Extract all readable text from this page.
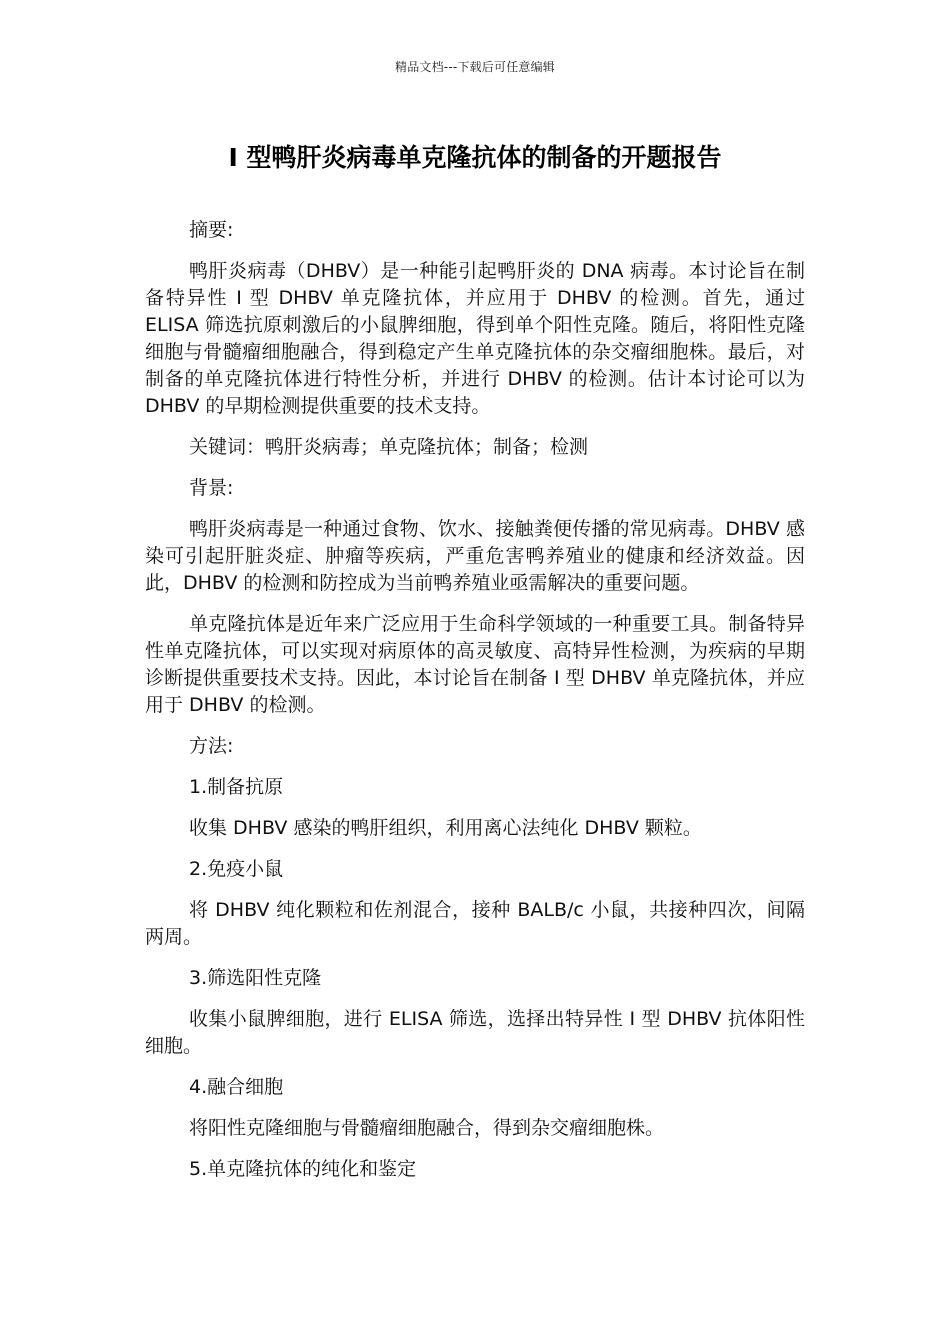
精品文档---下载后可任意编辑
I 型鸭肝炎病毒单克隆抗体的制备的开题报告

摘要:

鸭肝炎病毒（DHBV）是一种能引起鸭肝炎的 DNA 病毒。本讨论旨在制备特异性 I 型 DHBV 单克隆抗体，并应用于 DHBV 的检测。首先，通过 ELISA 筛选抗原刺激后的小鼠脾细胞，得到单个阳性克隆。随后，将阳性克隆细胞与骨髓瘤细胞融合，得到稳定产生单克隆抗体的杂交瘤细胞株。最后，对制备的单克隆抗体进行特性分析，并进行 DHBV 的检测。估计本讨论可以为 DHBV 的早期检测提供重要的技术支持。

关键词：鸭肝炎病毒；单克隆抗体；制备；检测

背景:

鸭肝炎病毒是一种通过食物、饮水、接触粪便传播的常见病毒。DHBV 感染可引起肝脏炎症、肿瘤等疾病，严重危害鸭养殖业的健康和经济效益。因此，DHBV 的检测和防控成为当前鸭养殖业亟需解决的重要问题。

单克隆抗体是近年来广泛应用于生命科学领域的一种重要工具。制备特异性单克隆抗体，可以实现对病原体的高灵敏度、高特异性检测，为疾病的早期诊断提供重要技术支持。因此，本讨论旨在制备 I 型 DHBV 单克隆抗体，并应用于 DHBV 的检测。

方法:

1.制备抗原

收集 DHBV 感染的鸭肝组织，利用离心法纯化 DHBV 颗粒。

2.免疫小鼠

将 DHBV 纯化颗粒和佐剂混合，接种 BALB/c 小鼠，共接种四次，间隔两周。

3.筛选阳性克隆

收集小鼠脾细胞，进行 ELISA 筛选，选择出特异性 I 型 DHBV 抗体阳性细胞。

4.融合细胞

将阳性克隆细胞与骨髓瘤细胞融合，得到杂交瘤细胞株。

5.单克隆抗体的纯化和鉴定
